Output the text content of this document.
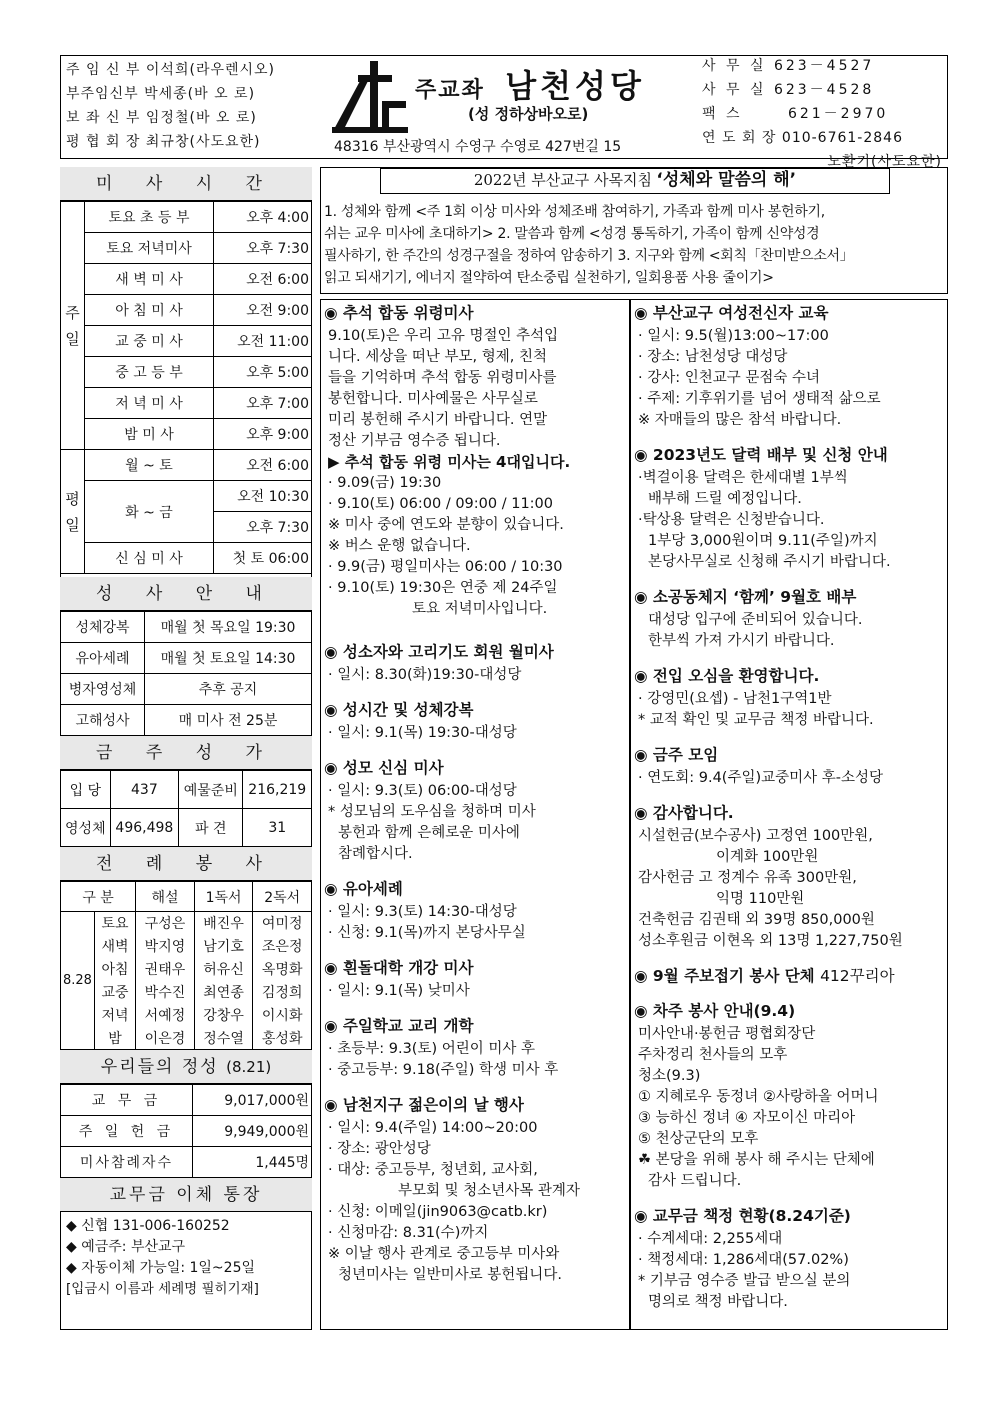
주 임 신 부 이석희(라우렌시오)
부주임신부 박세종(바 오 로)
보 좌 신 부 임정철(바 오 로)
평 협 회 장 최규창(사도요한)
주교좌 남천성당
(성 정하상바오로)
48316 부산광역시 수영구 수영로 427번길 15
사 무 실 623－4527
사 무 실 623－4528
팩 스	621－2970
연 도 회 장 010-6761-2846
노환기(사도요한)
미 사 시 간
주일	토요 초 등 부	오후 4:00
	토요 저녁미사	오후 7:30
	새 벽 미 사	오전 6:00
	아 침 미 사	오전 9:00
	교 중 미 사	오전 11:00
	중 고 등 부	오후 5:00
	저 녁 미 사	오후 7:00
	밤 미 사	오후 9:00
평일	월 ~ 토	오전 6:00
	화 ~ 금	오전 10:30
		오후 7:30
	신 심 미 사	첫 토 06:00
성 사 안 내
성체강복	매월 첫 목요일 19:30
유아세례	매월 첫 토요일 14:30
병자영성체	추후 공지
고해성사	매 미사 전 25분
금 주 성 가
입 당	437	예물준비	216,219
영성체	496,498	파 견	31
전 례 봉 사
구 분		해설	1독서	2독서
8.28	토요	구성은	배진우	여미정
	새벽	박지영	남기호	조은정
	아침	권태우	허유신	옥명화
	교중	박수진	최연종	김정희
	저녁	서예정	강창우	이시화
	밤	이은경	정수열	홍성화
우리들의 정성 (8.21)
교 무 금	9,017,000원
주 일 헌 금	9,949,000원
미사참례자수	1,445명
교무금 이체 통장
◆ 신협 131-006-160252
◆ 예금주: 부산교구
◆ 자동이체 가능일: 1일~25일
[입금시 이름과 세례명 필히기재]
2022년 부산교구 사목지침 ‘성체와 말씀의 해’
1. 성체와 함께 <주 1회 이상 미사와 성체조배 참여하기, 가족과 함께 미사 봉헌하기,
쉬는 교우 미사에 초대하기> 2. 말씀과 함께 <성경 통독하기, 가족이 함께 신약성경
필사하기, 한 주간의 성경구절을 정하여 암송하기 3. 지구와 함께 <회칙「찬미받으소서」
읽고 되새기기, 에너지 절약하여 탄소중립 실천하기, 일회용품 사용 줄이기>
◉ 추석 합동 위령미사
9.10(토)은 우리 고유 명절인 추석입
니다. 세상을 떠난 부모, 형제, 친척
들을 기억하며 추석 합동 위령미사를
봉헌합니다. 미사예물은 사무실로
미리 봉헌해 주시기 바랍니다. 연말
정산 기부금 영수증 됩니다.
▶ 추석 합동 위령 미사는 4대입니다.
· 9.09(금) 19:30
· 9.10(토) 06:00 / 09:00 / 11:00
※ 미사 중에 연도와 분향이 있습니다.
※ 버스 운행 없습니다.
· 9.9(금) 평일미사는 06:00 / 10:30
· 9.10(토) 19:30은 연중 제 24주일
토요 저녁미사입니다.
◉ 성소자와 고리기도 회원 월미사
· 일시: 8.30(화)19:30-대성당
◉ 성시간 및 성체강복
· 일시: 9.1(목) 19:30-대성당
◉ 성모 신심 미사
· 일시: 9.3(토) 06:00-대성당
* 성모님의 도우심을 청하며 미사
봉헌과 함께 은혜로운 미사에
참례합시다.
◉ 유아세례
· 일시: 9.3(토) 14:30-대성당
· 신청: 9.1(목)까지 본당사무실
◉ 흰돌대학 개강 미사
· 일시: 9.1(목) 낮미사
◉ 주일학교 교리 개학
· 초등부: 9.3(토) 어린이 미사 후
· 중고등부: 9.18(주일) 학생 미사 후
◉ 남천지구 젊은이의 날 행사
· 일시: 9.4(주일) 14:00~20:00
· 장소: 광안성당
· 대상: 중고등부, 청년회, 교사회,
부모회 및 청소년사목 관계자
· 신청: 이메일(jin9063@catb.kr)
· 신청마감: 8.31(수)까지
※ 이날 행사 관계로 중고등부 미사와
청년미사는 일반미사로 봉헌됩니다.
◉ 부산교구 여성전신자 교육
· 일시: 9.5(월)13:00~17:00
· 장소: 남천성당 대성당
· 강사: 인천교구 문점숙 수녀
· 주제: 기후위기를 넘어 생태적 삶으로
※ 자매들의 많은 참석 바랍니다.
◉ 2023년도 달력 배부 및 신청 안내
·벽걸이용 달력은 한세대별 1부씩
배부해 드릴 예정입니다.
·탁상용 달력은 신청받습니다.
1부당 3,000원이며 9.11(주일)까지
본당사무실로 신청해 주시기 바랍니다.
◉ 소공동체지 ‘함께’ 9월호 배부
대성당 입구에 준비되어 있습니다.
한부씩 가져 가시기 바랍니다.
◉ 전입 오심을 환영합니다.
· 강영민(요셉) - 남천1구역1반
* 교적 확인 및 교무금 책정 바랍니다.
◉ 금주 모임
· 연도회: 9.4(주일)교중미사 후-소성당
◉ 감사합니다.
시설헌금(보수공사) 고정연 100만원,
이계화 100만원
감사헌금 고 정계수 유족 300만원,
익명 110만원
건축헌금 김권태 외 39명 850,000원
성소후원금 이현옥 외 13명 1,227,750원
◉ 9월 주보접기 봉사 단체 412꾸리아
◉ 차주 봉사 안내(9.4)
미사안내·봉헌금 평협회장단
주차정리 천사들의 모후
청소(9.3)
① 지혜로우 동정녀 ②사랑하올 어머니
③ 능하신 정녀 ④ 자모이신 마리아
⑤ 천상군단의 모후
☘ 본당을 위해 봉사 해 주시는 단체에
감사 드립니다.
◉ 교무금 책정 현황(8.24기준)
· 수계세대: 2,255세대
· 책정세대: 1,286세대(57.02%)
* 기부금 영수증 발급 받으실 분의
명의로 책정 바랍니다.
